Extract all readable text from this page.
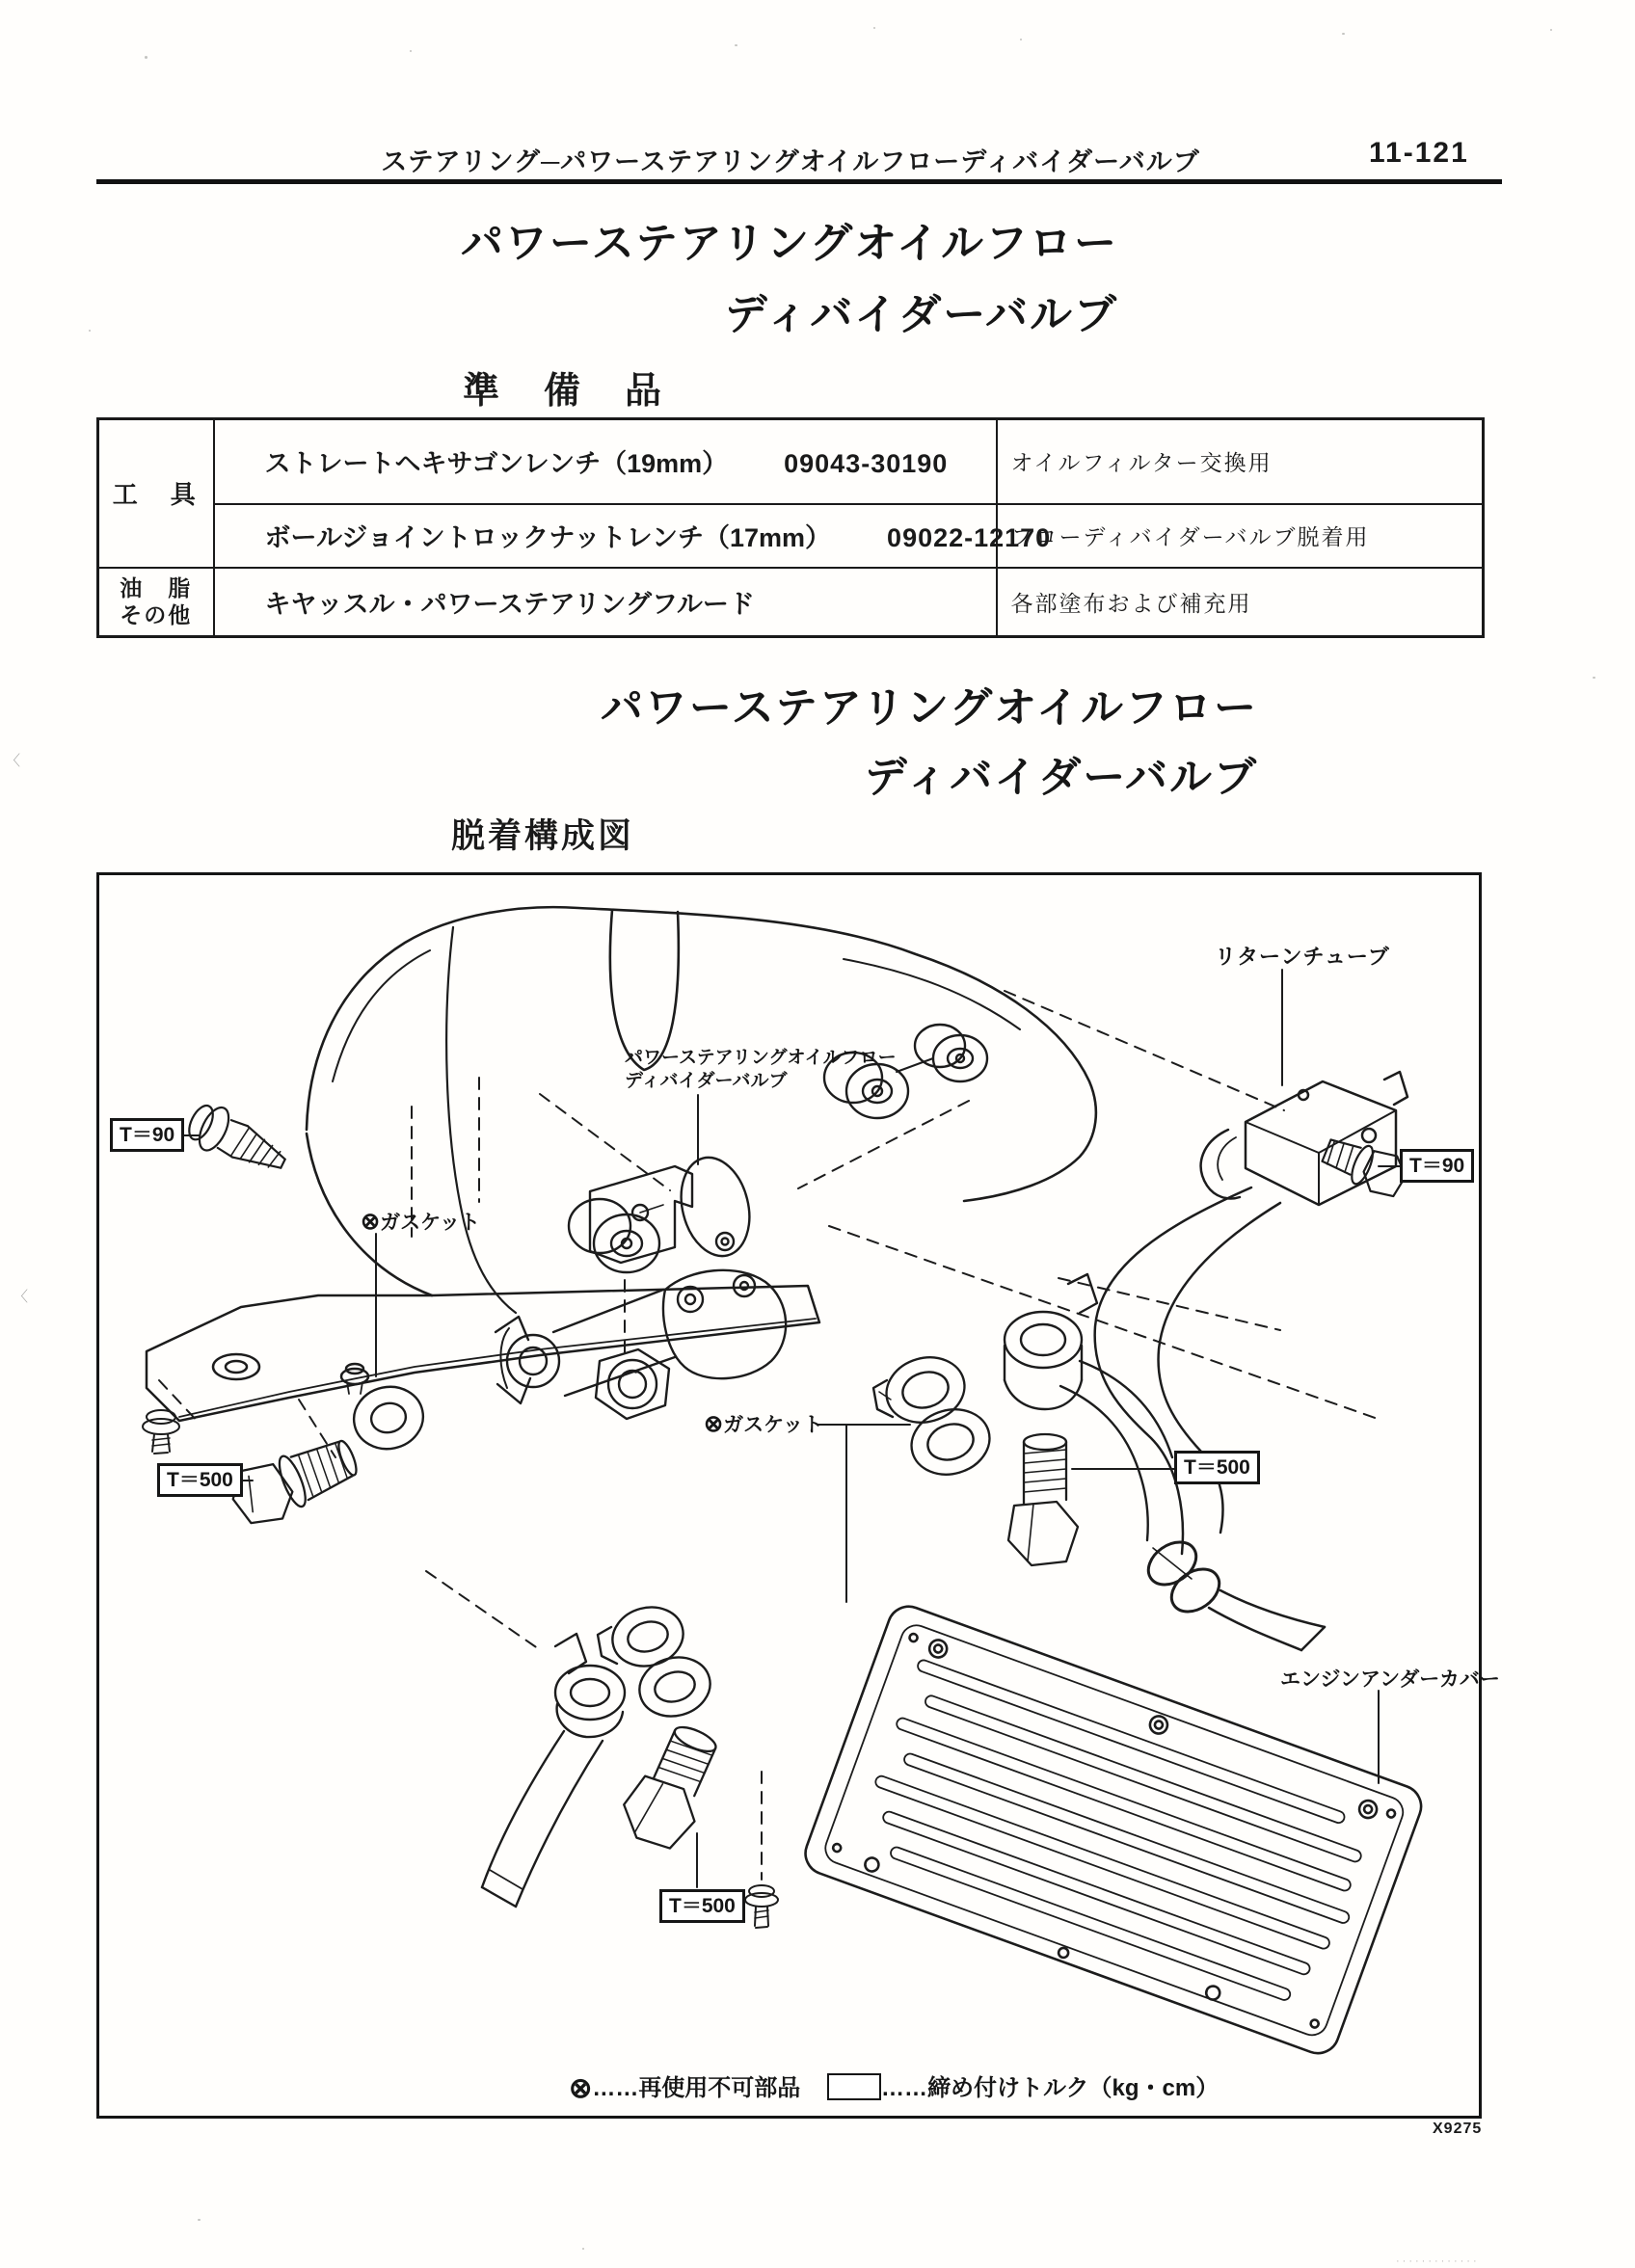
〈
〈
·············
ステアリング─パワーステアリングオイルフローディバイダーバルブ	11-121
パワーステアリングオイルフロー
ディバイダーバルブ
準　備　品
工　具	ストレートヘキサゴンレンチ（19mm） 09043-30190	オイルフィルター交換用
	ボールジョイントロックナットレンチ（17mm） 09022-12170	フローディバイダーバルブ脱着用

油　脂
その他	キヤッスル・パワーステアリングフルード	各部塗布および補充用
パワーステアリングオイルフロー
ディバイダーバルブ
脱着構成図
リターンチューブ
パワーステアリングオイルフロー
ディバイダーバルブ
⊗ガスケット
⊗ガスケット
エンジンアンダーカバー
T＝90
T＝90
T＝500
T＝500
T＝500
⊗……再使用不可部品	……締め付けトルク（kg・cm）
X9275
